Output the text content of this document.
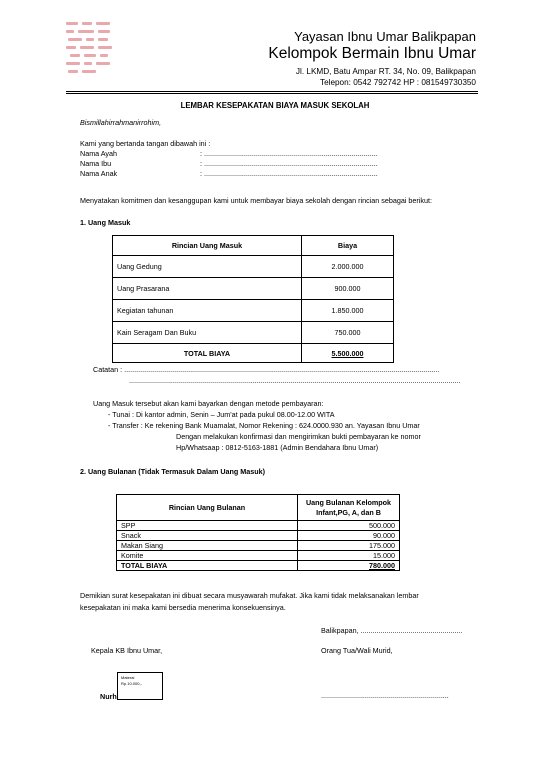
Yayasan Ibnu Umar Balikpapan
Kelompok Bermain Ibnu Umar
Jl. LKMD, Batu Ampar RT. 34, No. 09, Balikpapan
Telepon: 0542 792742 HP : 081549730350
LEMBAR KESEPAKATAN BIAYA MASUK SEKOLAH
Bismillahirrahmanirrohim,
Kami yang bertanda tangan dibawah ini :
Nama Ayah	: .......................................................................................
Nama Ibu	: .......................................................................................
Nama Anak	: .......................................................................................
Menyatakan komitmen dan kesanggupan kami untuk membayar biaya sekolah dengan rincian sebagai berikut:
1. Uang Masuk
Rincian Uang Masuk	Biaya
Uang Gedung	2.000.000
Uang Prasarana	900.000
Kegiatan tahunan	1.850.000
Kain Seragam Dan Buku	750.000
TOTAL BIAYA	5.500.000
Catatan : ..............................................................................................................................................................
......................................................................................................................................................................
Uang Masuk tersebut akan kami bayarkan dengan metode pembayaran:
- Tunai : Di kantor admin, Senin – Jum'at pada pukul 08.00-12.00 WITA
- Transfer : Ke rekening Bank Muamalat, Nomor Rekening : 624.0000.930 an. Yayasan Ibnu Umar
Dengan melakukan konfirmasi dan mengirimkan bukti pembayaran ke nomor
Hp/Whatsaap : 0812-5163-1881 (Admin Bendahara Ibnu Umar)
2. Uang Bulanan (Tidak Termasuk Dalam Uang Masuk)
Rincian Uang Bulanan	Uang Bulanan Kelompok
Infant,PG, A, dan B

SPP	500.000
Snack	90.000
Makan Siang	175.000
Komite	15.000
TOTAL BIAYA	780.000
Demikian surat kesepakatan ini dibuat secara musyawarah mufakat. Jika kami tidak melaksanakan lembar
kesepakatan ini maka kami bersedia menerima konsekuensinya.
Balikpapan, ...................................................
Kepala KB Ibnu Umar,	Orang Tua/Wali Murid,
Materai
Rp.10.000,-
Nurh	................................................................
